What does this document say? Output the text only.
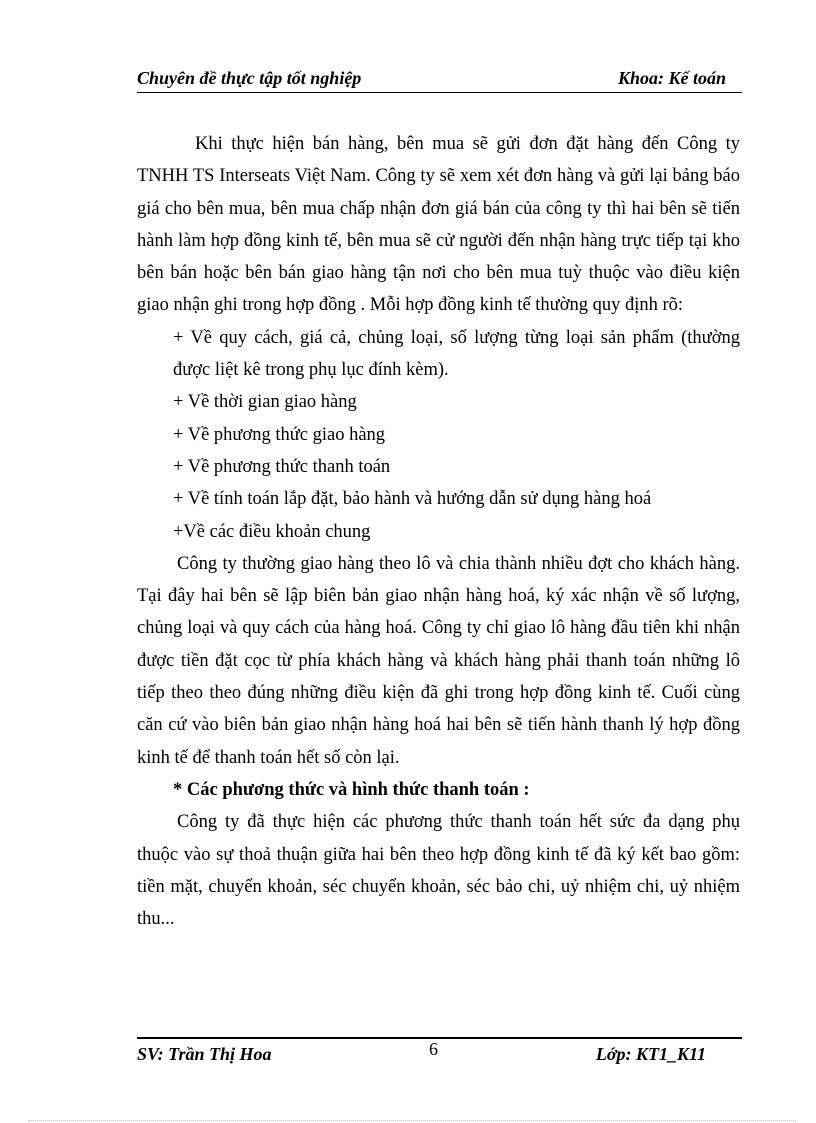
Chuyên đề thực tập tốt nghiệp	Khoa: Kế toán

Khi thực hiện bán hàng, bên mua sẽ gửi đơn đặt hàng đến Công ty TNHH TS Interseats Việt Nam. Công ty sẽ xem xét đơn hàng và gửi lại bảng báo giá cho bên mua, bên mua chấp nhận đơn giá bán của công ty thì hai bên sẽ tiến hành làm hợp đồng kinh tế, bên mua sẽ cử người đến nhận hàng trực tiếp tại kho bên bán hoặc bên bán giao hàng tận nơi cho bên mua tuỳ thuộc vào điều kiện giao nhận ghi trong hợp đồng . Mỗi hợp đồng kinh tế thường quy định rõ:

+ Về quy cách, giá cả, chủng loại, số lượng từng loại sản phẩm (thường được liệt kê trong phụ lục đính kèm).

+ Về thời gian giao hàng

+ Về phương thức giao hàng

+ Về phương thức thanh toán

+ Về tính toán lắp đặt, bảo hành và hướng dẫn sử dụng hàng hoá

+Về các điều khoản chung

Công ty thường giao hàng theo lô và chia thành nhiều đợt cho khách hàng. Tại đây hai bên sẽ lập biên bản giao nhận hàng hoá, ký xác nhận về số lượng, chủng loại và quy cách của hàng hoá. Công ty chỉ giao lô hàng đầu tiên khi nhận được tiền đặt cọc từ phía khách hàng và khách hàng phải thanh toán những lô tiếp theo theo đúng những điều kiện đã ghi trong hợp đồng kinh tế. Cuối cùng căn cứ vào biên bản giao nhận hàng hoá hai bên sẽ tiến hành thanh lý hợp đồng kinh tế để thanh toán hết số còn lại.

* Các phương thức và hình thức thanh toán :

Công ty đã thực hiện các phương thức thanh toán hết sức đa dạng phụ thuộc vào sự thoả thuận giữa hai bên theo hợp đồng kinh tế đã ký kết bao gồm: tiền mặt, chuyển khoản, séc chuyển khoản, séc bảo chi, uỷ nhiệm chi, uỷ nhiệm thu...

SV: Trần Thị Hoa	6	Lớp: KT1_K11
